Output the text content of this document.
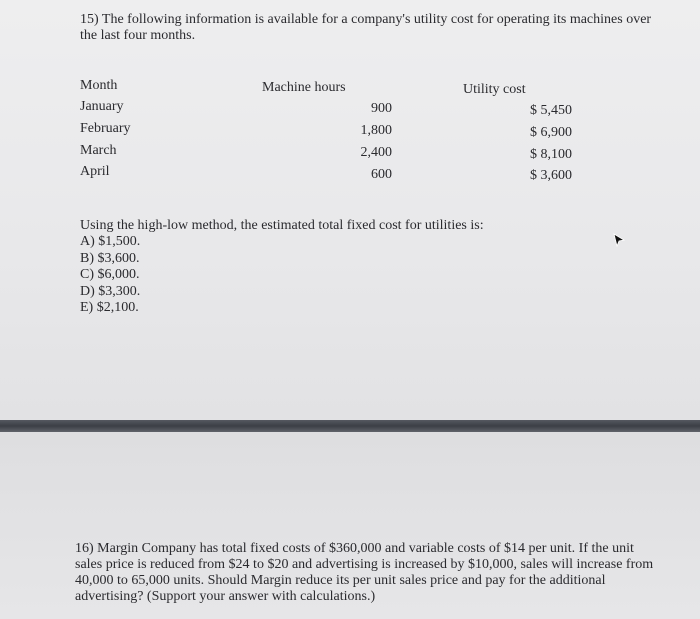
15) The following information is available for a company's utility cost for operating its machines over the last four months.
Month	Machine hours	Utility cost
January	900	$ 5,450
February	1,800	$ 6,900
March	2,400	$ 8,100
April	600	$ 3,600
Using the high-low method, the estimated total fixed cost for utilities is:
A) $1,500.
B) $3,600.
C) $6,000.
D) $3,300.
E) $2,100.
16) Margin Company has total fixed costs of $360,000 and variable costs of $14 per unit. If the unit sales price is reduced from $24 to $20 and advertising is increased by $10,000, sales will increase from 40,000 to 65,000 units. Should Margin reduce its per unit sales price and pay for the additional advertising? (Support your answer with calculations.)
